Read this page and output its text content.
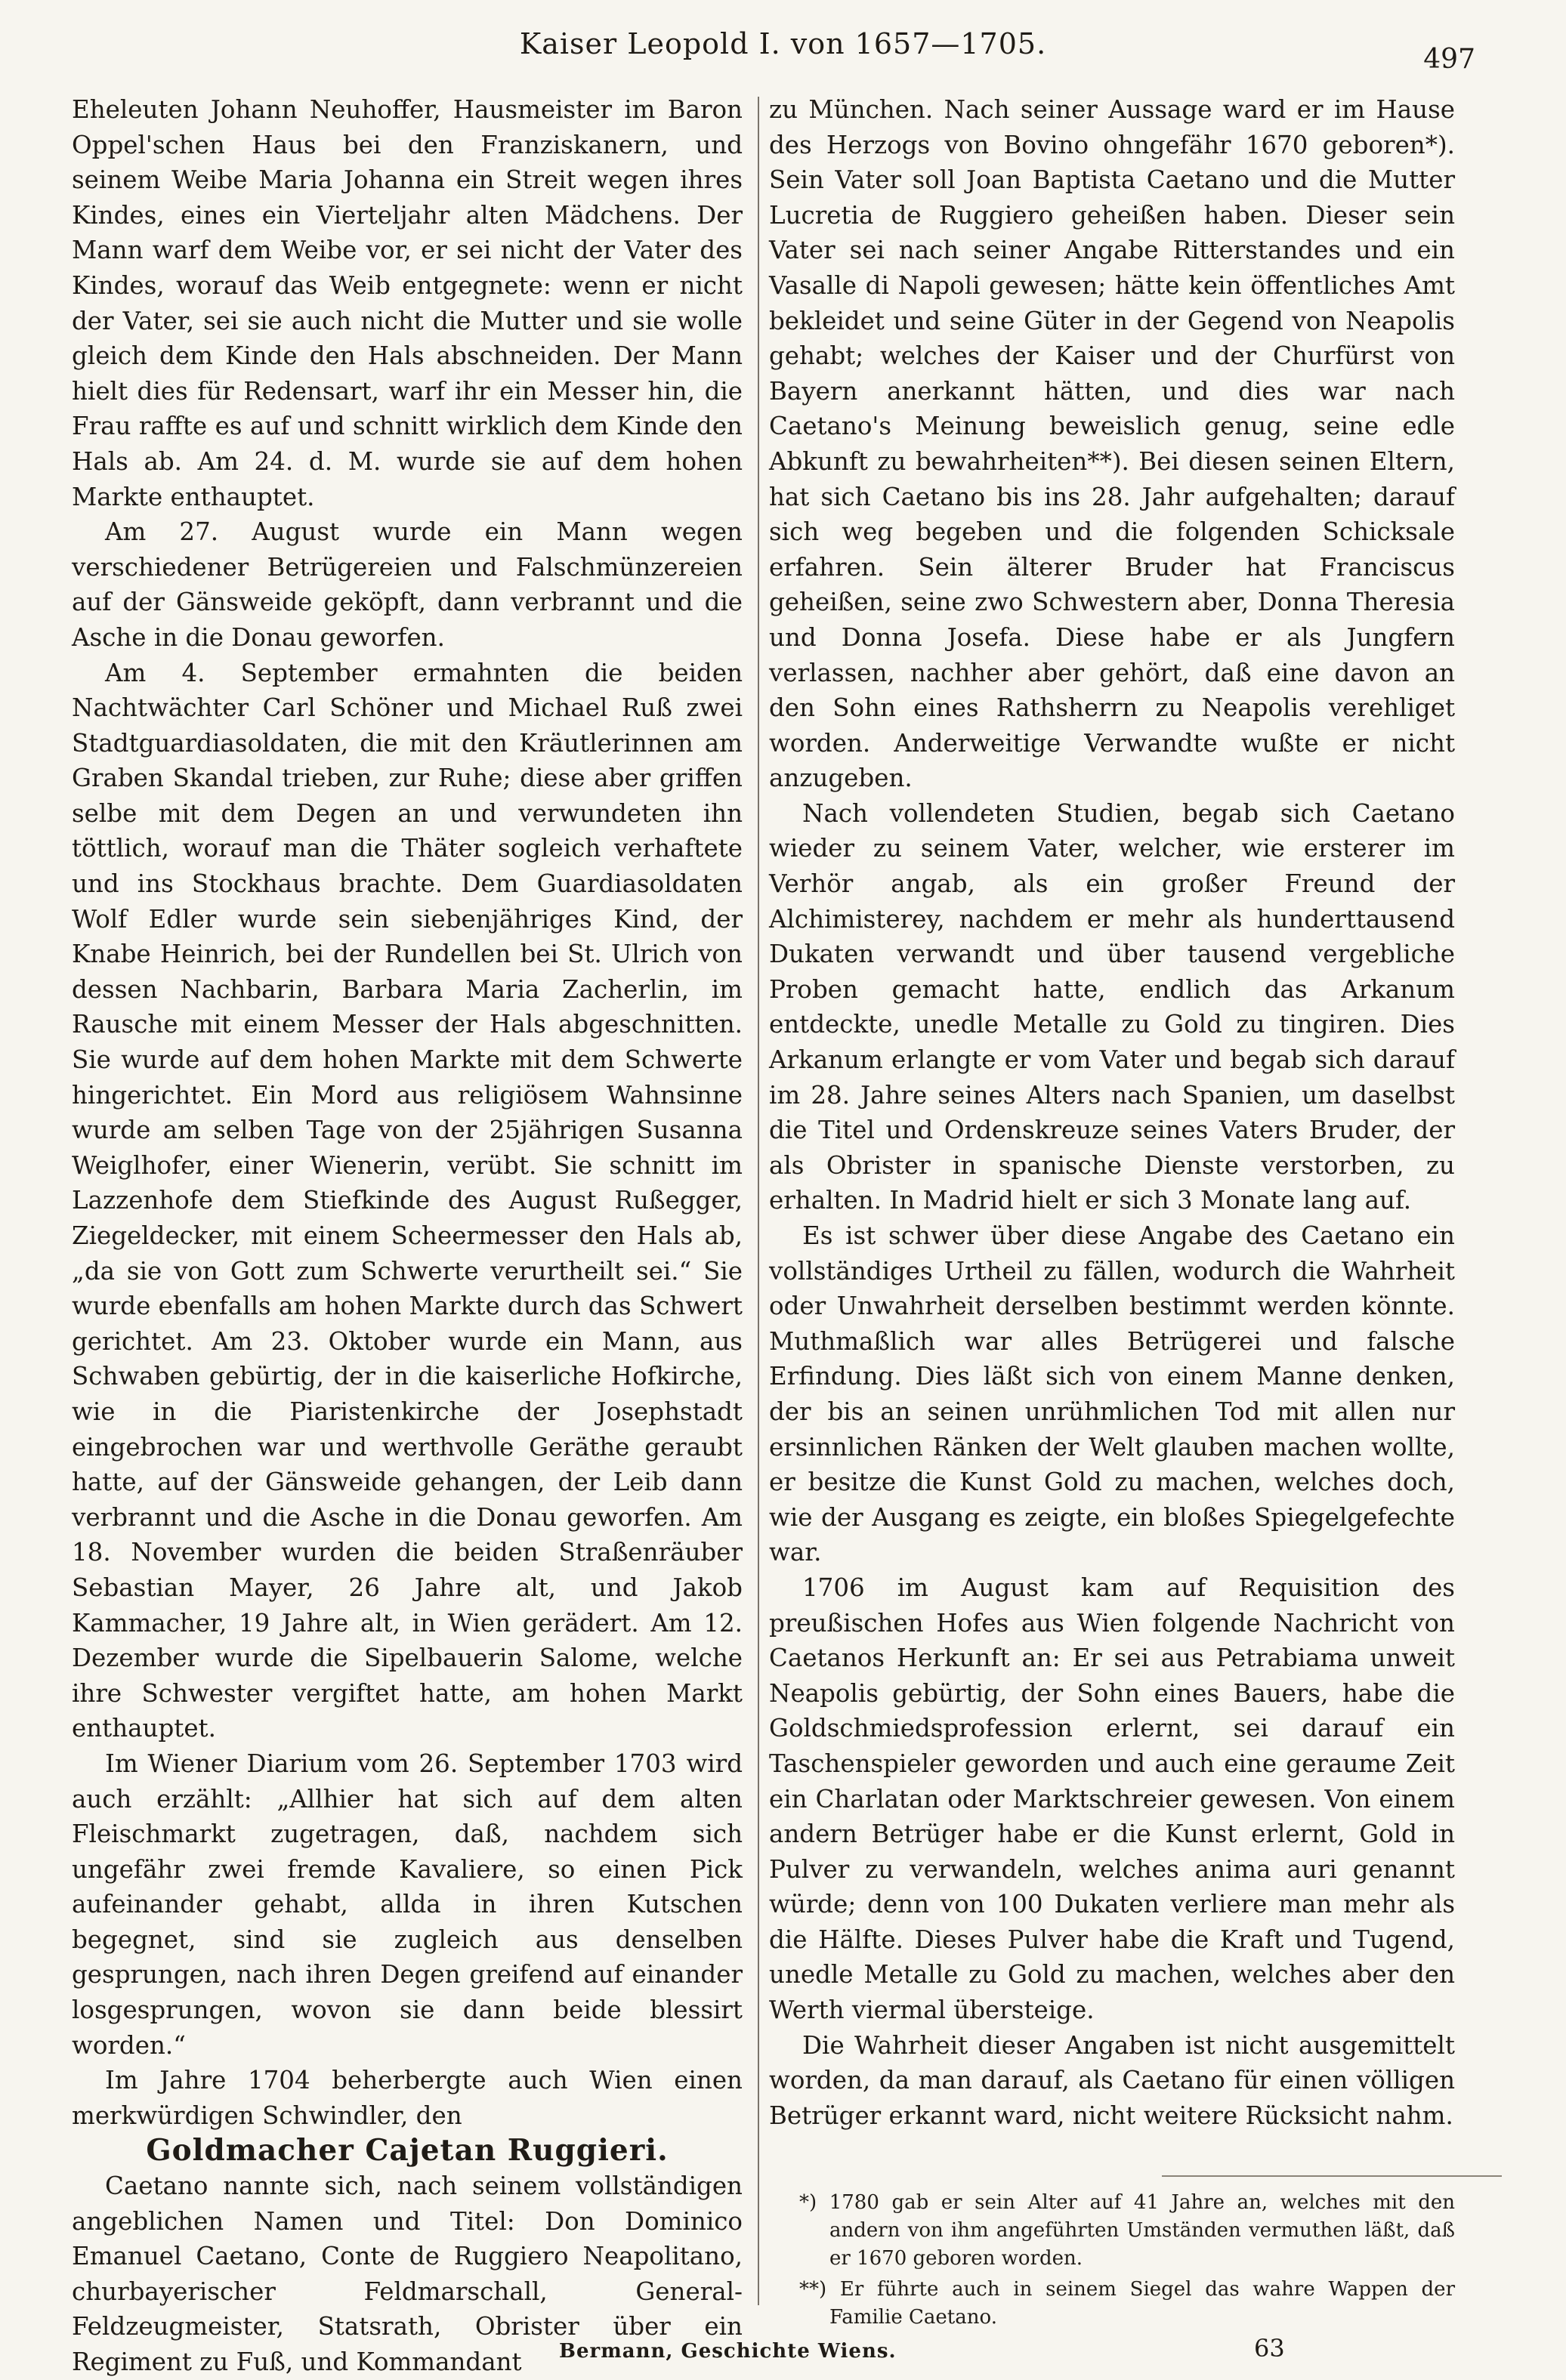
Kaiser Leopold I. von 1657—1705.	497

Eheleuten Johann Neuhoffer, Hausmeister im Baron Oppel'schen Haus bei den Franziskanern, und seinem Weibe Maria Johanna ein Streit wegen ihres Kindes, eines ein Vierteljahr alten Mädchens. Der Mann warf dem Weibe vor, er sei nicht der Vater des Kindes, worauf das Weib entgegnete: wenn er nicht der Vater, sei sie auch nicht die Mutter und sie wolle gleich dem Kinde den Hals abschneiden. Der Mann hielt dies für Redensart, warf ihr ein Messer hin, die Frau raffte es auf und schnitt wirklich dem Kinde den Hals ab. Am 24. d. M. wurde sie auf dem hohen Markte enthauptet.

Am 27. August wurde ein Mann wegen verschiedener Betrügereien und Falschmünzereien auf der Gänsweide geköpft, dann verbrannt und die Asche in die Donau geworfen.

Am 4. September ermahnten die beiden Nachtwächter Carl Schöner und Michael Ruß zwei Stadtguardiasoldaten, die mit den Kräutlerinnen am Graben Skandal trieben, zur Ruhe; diese aber griffen selbe mit dem Degen an und verwundeten ihn töttlich, worauf man die Thäter sogleich verhaftete und ins Stockhaus brachte. Dem Guardiasoldaten Wolf Edler wurde sein siebenjähriges Kind, der Knabe Heinrich, bei der Rundellen bei St. Ulrich von dessen Nachbarin, Barbara Maria Zacherlin, im Rausche mit einem Messer der Hals abgeschnitten. Sie wurde auf dem hohen Markte mit dem Schwerte hingerichtet. Ein Mord aus religiösem Wahnsinne wurde am selben Tage von der 25jährigen Susanna Weiglhofer, einer Wienerin, verübt. Sie schnitt im Lazzenhofe dem Stiefkinde des August Rußegger, Ziegeldecker, mit einem Scheermesser den Hals ab, „da sie von Gott zum Schwerte verurtheilt sei.“ Sie wurde ebenfalls am hohen Markte durch das Schwert gerichtet. Am 23. Oktober wurde ein Mann, aus Schwaben gebürtig, der in die kaiserliche Hofkirche, wie in die Piaristenkirche der Josephstadt eingebrochen war und werthvolle Geräthe geraubt hatte, auf der Gänsweide gehangen, der Leib dann verbrannt und die Asche in die Donau geworfen. Am 18. November wurden die beiden Straßenräuber Sebastian Mayer, 26 Jahre alt, und Jakob Kammacher, 19 Jahre alt, in Wien gerädert. Am 12. Dezember wurde die Sipelbauerin Salome, welche ihre Schwester vergiftet hatte, am hohen Markt enthauptet.

Im Wiener Diarium vom 26. September 1703 wird auch erzählt: „Allhier hat sich auf dem alten Fleischmarkt zugetragen, daß, nachdem sich ungefähr zwei fremde Kavaliere, so einen Pick aufeinander gehabt, allda in ihren Kutschen begegnet, sind sie zugleich aus denselben gesprungen, nach ihren Degen greifend auf einander losgesprungen, wovon sie dann beide blessirt worden.“

Im Jahre 1704 beherbergte auch Wien einen merkwürdigen Schwindler, den

Goldmacher Cajetan Ruggieri.

Caetano nannte sich, nach seinem vollständigen angeblichen Namen und Titel: Don Dominico Emanuel Caetano, Conte de Ruggiero Neapolitano, churbayerischer Feldmarschall, General-Feldzeugmeister, Statsrath, Obrister über ein Regiment zu Fuß, und Kommandant

zu München. Nach seiner Aussage ward er im Hause des Herzogs von Bovino ohngefähr 1670 geboren*). Sein Vater soll Joan Baptista Caetano und die Mutter Lucretia de Ruggiero geheißen haben. Dieser sein Vater sei nach seiner Angabe Ritterstandes und ein Vasalle di Napoli gewesen; hätte kein öffentliches Amt bekleidet und seine Güter in der Gegend von Neapolis gehabt; welches der Kaiser und der Churfürst von Bayern anerkannt hätten, und dies war nach Caetano's Meinung beweislich genug, seine edle Abkunft zu bewahrheiten**). Bei diesen seinen Eltern, hat sich Caetano bis ins 28. Jahr aufgehalten; darauf sich weg begeben und die folgenden Schicksale erfahren. Sein älterer Bruder hat Franciscus geheißen, seine zwo Schwestern aber, Donna Theresia und Donna Josefa. Diese habe er als Jungfern verlassen, nachher aber gehört, daß eine davon an den Sohn eines Rathsherrn zu Neapolis verehliget worden. Anderweitige Verwandte wußte er nicht anzugeben.

Nach vollendeten Studien, begab sich Caetano wieder zu seinem Vater, welcher, wie ersterer im Verhör angab, als ein großer Freund der Alchimisterey, nachdem er mehr als hunderttausend Dukaten verwandt und über tausend vergebliche Proben gemacht hatte, endlich das Arkanum entdeckte, unedle Metalle zu Gold zu tingiren. Dies Arkanum erlangte er vom Vater und begab sich darauf im 28. Jahre seines Alters nach Spanien, um daselbst die Titel und Ordenskreuze seines Vaters Bruder, der als Obrister in spanische Dienste verstorben, zu erhalten. In Madrid hielt er sich 3 Monate lang auf.

Es ist schwer über diese Angabe des Caetano ein vollständiges Urtheil zu fällen, wodurch die Wahrheit oder Unwahrheit derselben bestimmt werden könnte. Muthmaßlich war alles Betrügerei und falsche Erfindung. Dies läßt sich von einem Manne denken, der bis an seinen unrühmlichen Tod mit allen nur ersinnlichen Ränken der Welt glauben machen wollte, er besitze die Kunst Gold zu machen, welches doch, wie der Ausgang es zeigte, ein bloßes Spiegelgefechte war.

1706 im August kam auf Requisition des preußischen Hofes aus Wien folgende Nachricht von Caetanos Herkunft an: Er sei aus Petrabiama unweit Neapolis gebürtig, der Sohn eines Bauers, habe die Goldschmiedsprofession erlernt, sei darauf ein Taschenspieler geworden und auch eine geraume Zeit ein Charlatan oder Marktschreier gewesen. Von einem andern Betrüger habe er die Kunst erlernt, Gold in Pulver zu verwandeln, welches anima auri genannt würde; denn von 100 Dukaten verliere man mehr als die Hälfte. Dieses Pulver habe die Kraft und Tugend, unedle Metalle zu Gold zu machen, welches aber den Werth viermal übersteige.

Die Wahrheit dieser Angaben ist nicht ausgemittelt worden, da man darauf, als Caetano für einen völligen Betrüger erkannt ward, nicht weitere Rücksicht nahm.

*) 1780 gab er sein Alter auf 41 Jahre an, welches mit den andern von ihm angeführten Umständen vermuthen läßt, daß er 1670 geboren worden.

**) Er führte auch in seinem Siegel das wahre Wappen der Familie Caetano.

Bermann, Geschichte Wiens.	63
